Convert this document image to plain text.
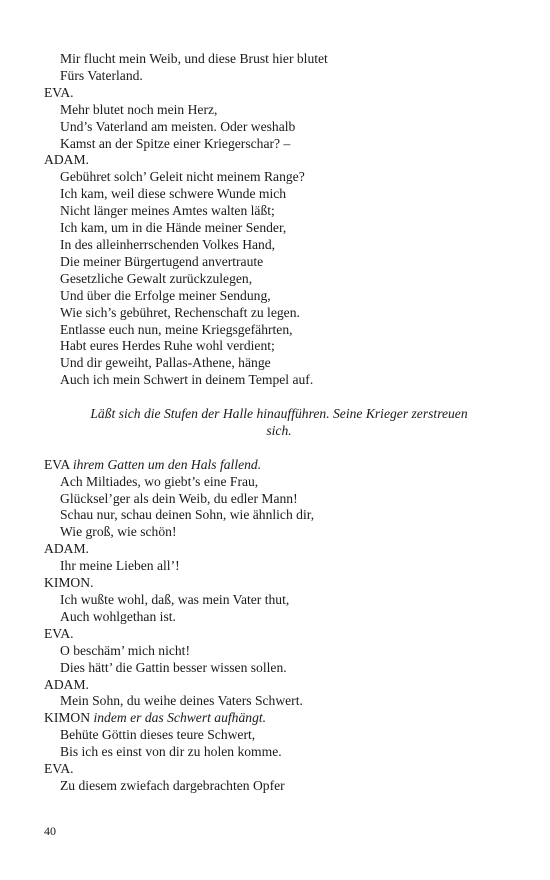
Mir flucht mein Weib, und diese Brust hier blutet
Fürs Vaterland.
EVA.
Mehr blutet noch mein Herz,
Und’s Vaterland am meisten. Oder weshalb
Kamst an der Spitze einer Kriegerschar? –
ADAM.
Gebühret solch’ Geleit nicht meinem Range?
Ich kam, weil diese schwere Wunde mich
Nicht länger meines Amtes walten läßt;
Ich kam, um in die Hände meiner Sender,
In des alleinherrschenden Volkes Hand,
Die meiner Bürgertugend anvertraute
Gesetzliche Gewalt zurückzulegen,
Und über die Erfolge meiner Sendung,
Wie sich’s gebühret, Rechenschaft zu legen.
Entlasse euch nun, meine Kriegsgefährten,
Habt eures Herdes Ruhe wohl verdient;
Und dir geweiht, Pallas-Athene, hänge
Auch ich mein Schwert in deinem Tempel auf.
Läßt sich die Stufen der Halle hinaufführen. Seine Krieger zerstreuen
sich.
EVA ihrem Gatten um den Hals fallend.
Ach Miltiades, wo giebt’s eine Frau,
Glückselʼger als dein Weib, du edler Mann!
Schau nur, schau deinen Sohn, wie ähnlich dir,
Wie groß, wie schön!
ADAM.
Ihr meine Lieben all’!
KIMON.
Ich wußte wohl, daß, was mein Vater thut,
Auch wohlgethan ist.
EVA.
O beschäm’ mich nicht!
Dies hätt’ die Gattin besser wissen sollen.
ADAM.
Mein Sohn, du weihe deines Vaters Schwert.
KIMON indem er das Schwert aufhängt.
Behüte Göttin dieses teure Schwert,
Bis ich es einst von dir zu holen komme.
EVA.
Zu diesem zwiefach dargebrachten Opfer
40
